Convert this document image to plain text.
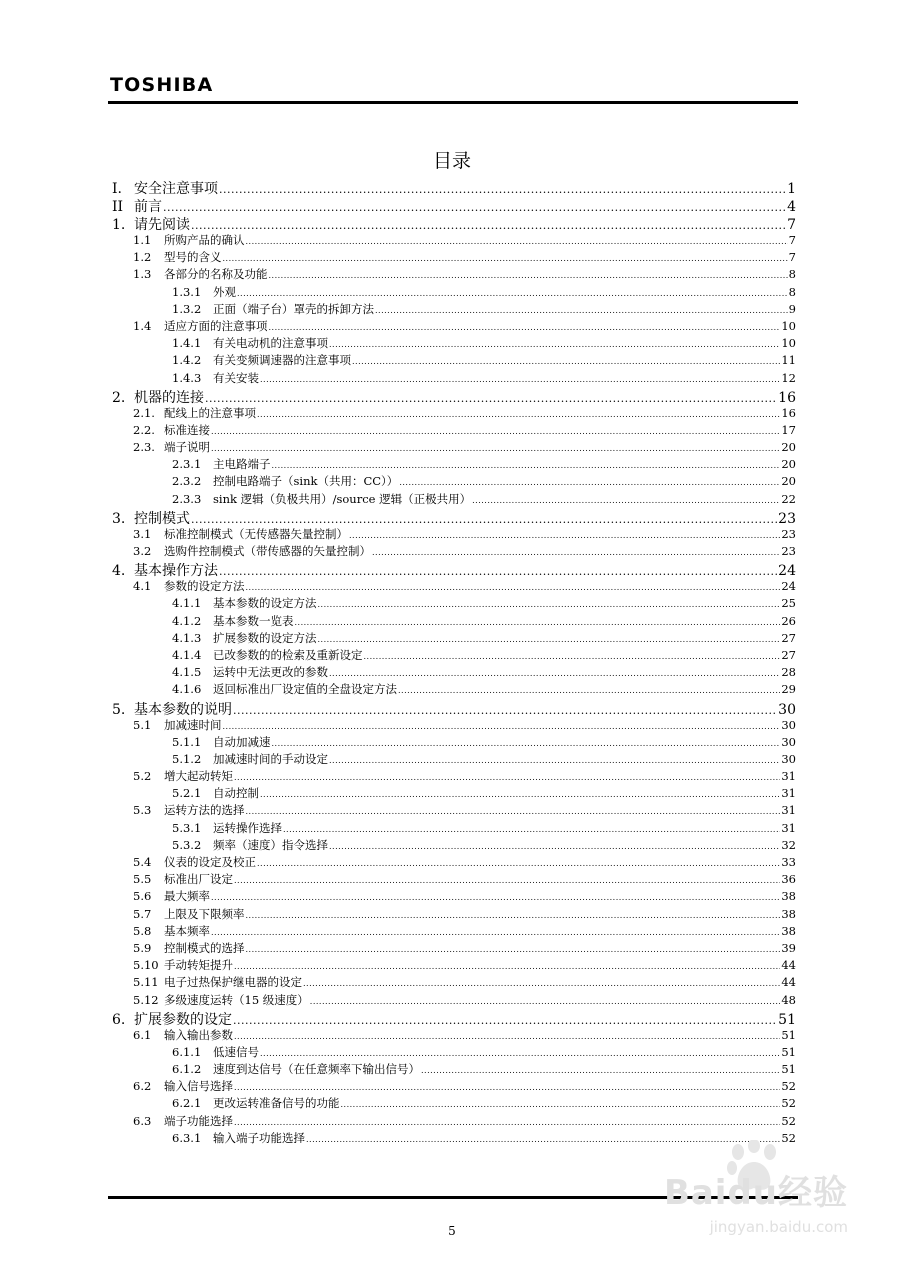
TOSHIBA
目录
I. 安全注意事项 .....	1
II 前言 .....	4
1. 请先阅读 .....	7
1.1	所购产品的确认 .....	7
1.2	型号的含义 .....	7
1.3	各部分的名称及功能 .....	8
1.3.1	外观 .....	8
1.3.2	正面（端子台）罩壳的拆卸方法 .....	9
1.4	适应方面的注意事项 .....	10
1.4.1	有关电动机的注意事项 .....	10
1.4.2	有关变频调速器的注意事项 .....	11
1.4.3	有关安装 .....	12
2. 机器的连接 .....	16
2.1. 配线上的注意事项 .....	16
2.2. 标准连接 .....	17
2.3. 端子说明 .....	20
2.3.1	主电路端子 .....	20
2.3.2	控制电路端子（sink（共用：CC）） .....	20
2.3.3	sink 逻辑（负极共用）/source 逻辑（正极共用） .....	22
3. 控制模式 .....	23
3.1	标准控制模式（无传感器矢量控制） .....	23
3.2	选购件控制模式（带传感器的矢量控制） .....	23
4. 基本操作方法 .....	24
4.1	参数的设定方法 .....	24
4.1.1	基本参数的设定方法 .....	25
4.1.2	基本参数一览表 .....	26
4.1.3	扩展参数的设定方法 .....	27
4.1.4	已改参数的的检索及重新设定 .....	27
4.1.5	运转中无法更改的参数 .....	28
4.1.6	返回标准出厂设定值的全盘设定方法 .....	29
5. 基本参数的说明 .....	30
5.1	加减速时间 .....	30
5.1.1	自动加减速 .....	30
5.1.2	加减速时间的手动设定 .....	30
5.2	增大起动转矩 .....	31
5.2.1	自动控制 .....	31
5.3	运转方法的选择 .....	31
5.3.1	运转操作选择 .....	31
5.3.2	频率（速度）指令选择 .....	32
5.4	仪表的设定及校正 .....	33
5.5	标准出厂设定 .....	36
5.6	最大频率 .....	38
5.7	上限及下限频率 .....	38
5.8	基本频率 .....	38
5.9	控制模式的选择 .....	39
5.10 手动转矩提升 .....	44
5.11 电子过热保护继电器的设定 .....	44
5.12 多级速度运转（15 级速度） .....	48
6. 扩展参数的设定 .....	51
6.1	输入输出参数 .....	51
6.1.1	低速信号 .....	51
6.1.2	速度到达信号（在任意频率下输出信号） .....	51
6.2	输入信号选择 .....	52
6.2.1	更改运转准备信号的功能 .....	52
6.3	端子功能选择 .....	52
6.3.1	输入端子功能选择 .....	52
5
Baidu经验
jingyan.baidu.com
